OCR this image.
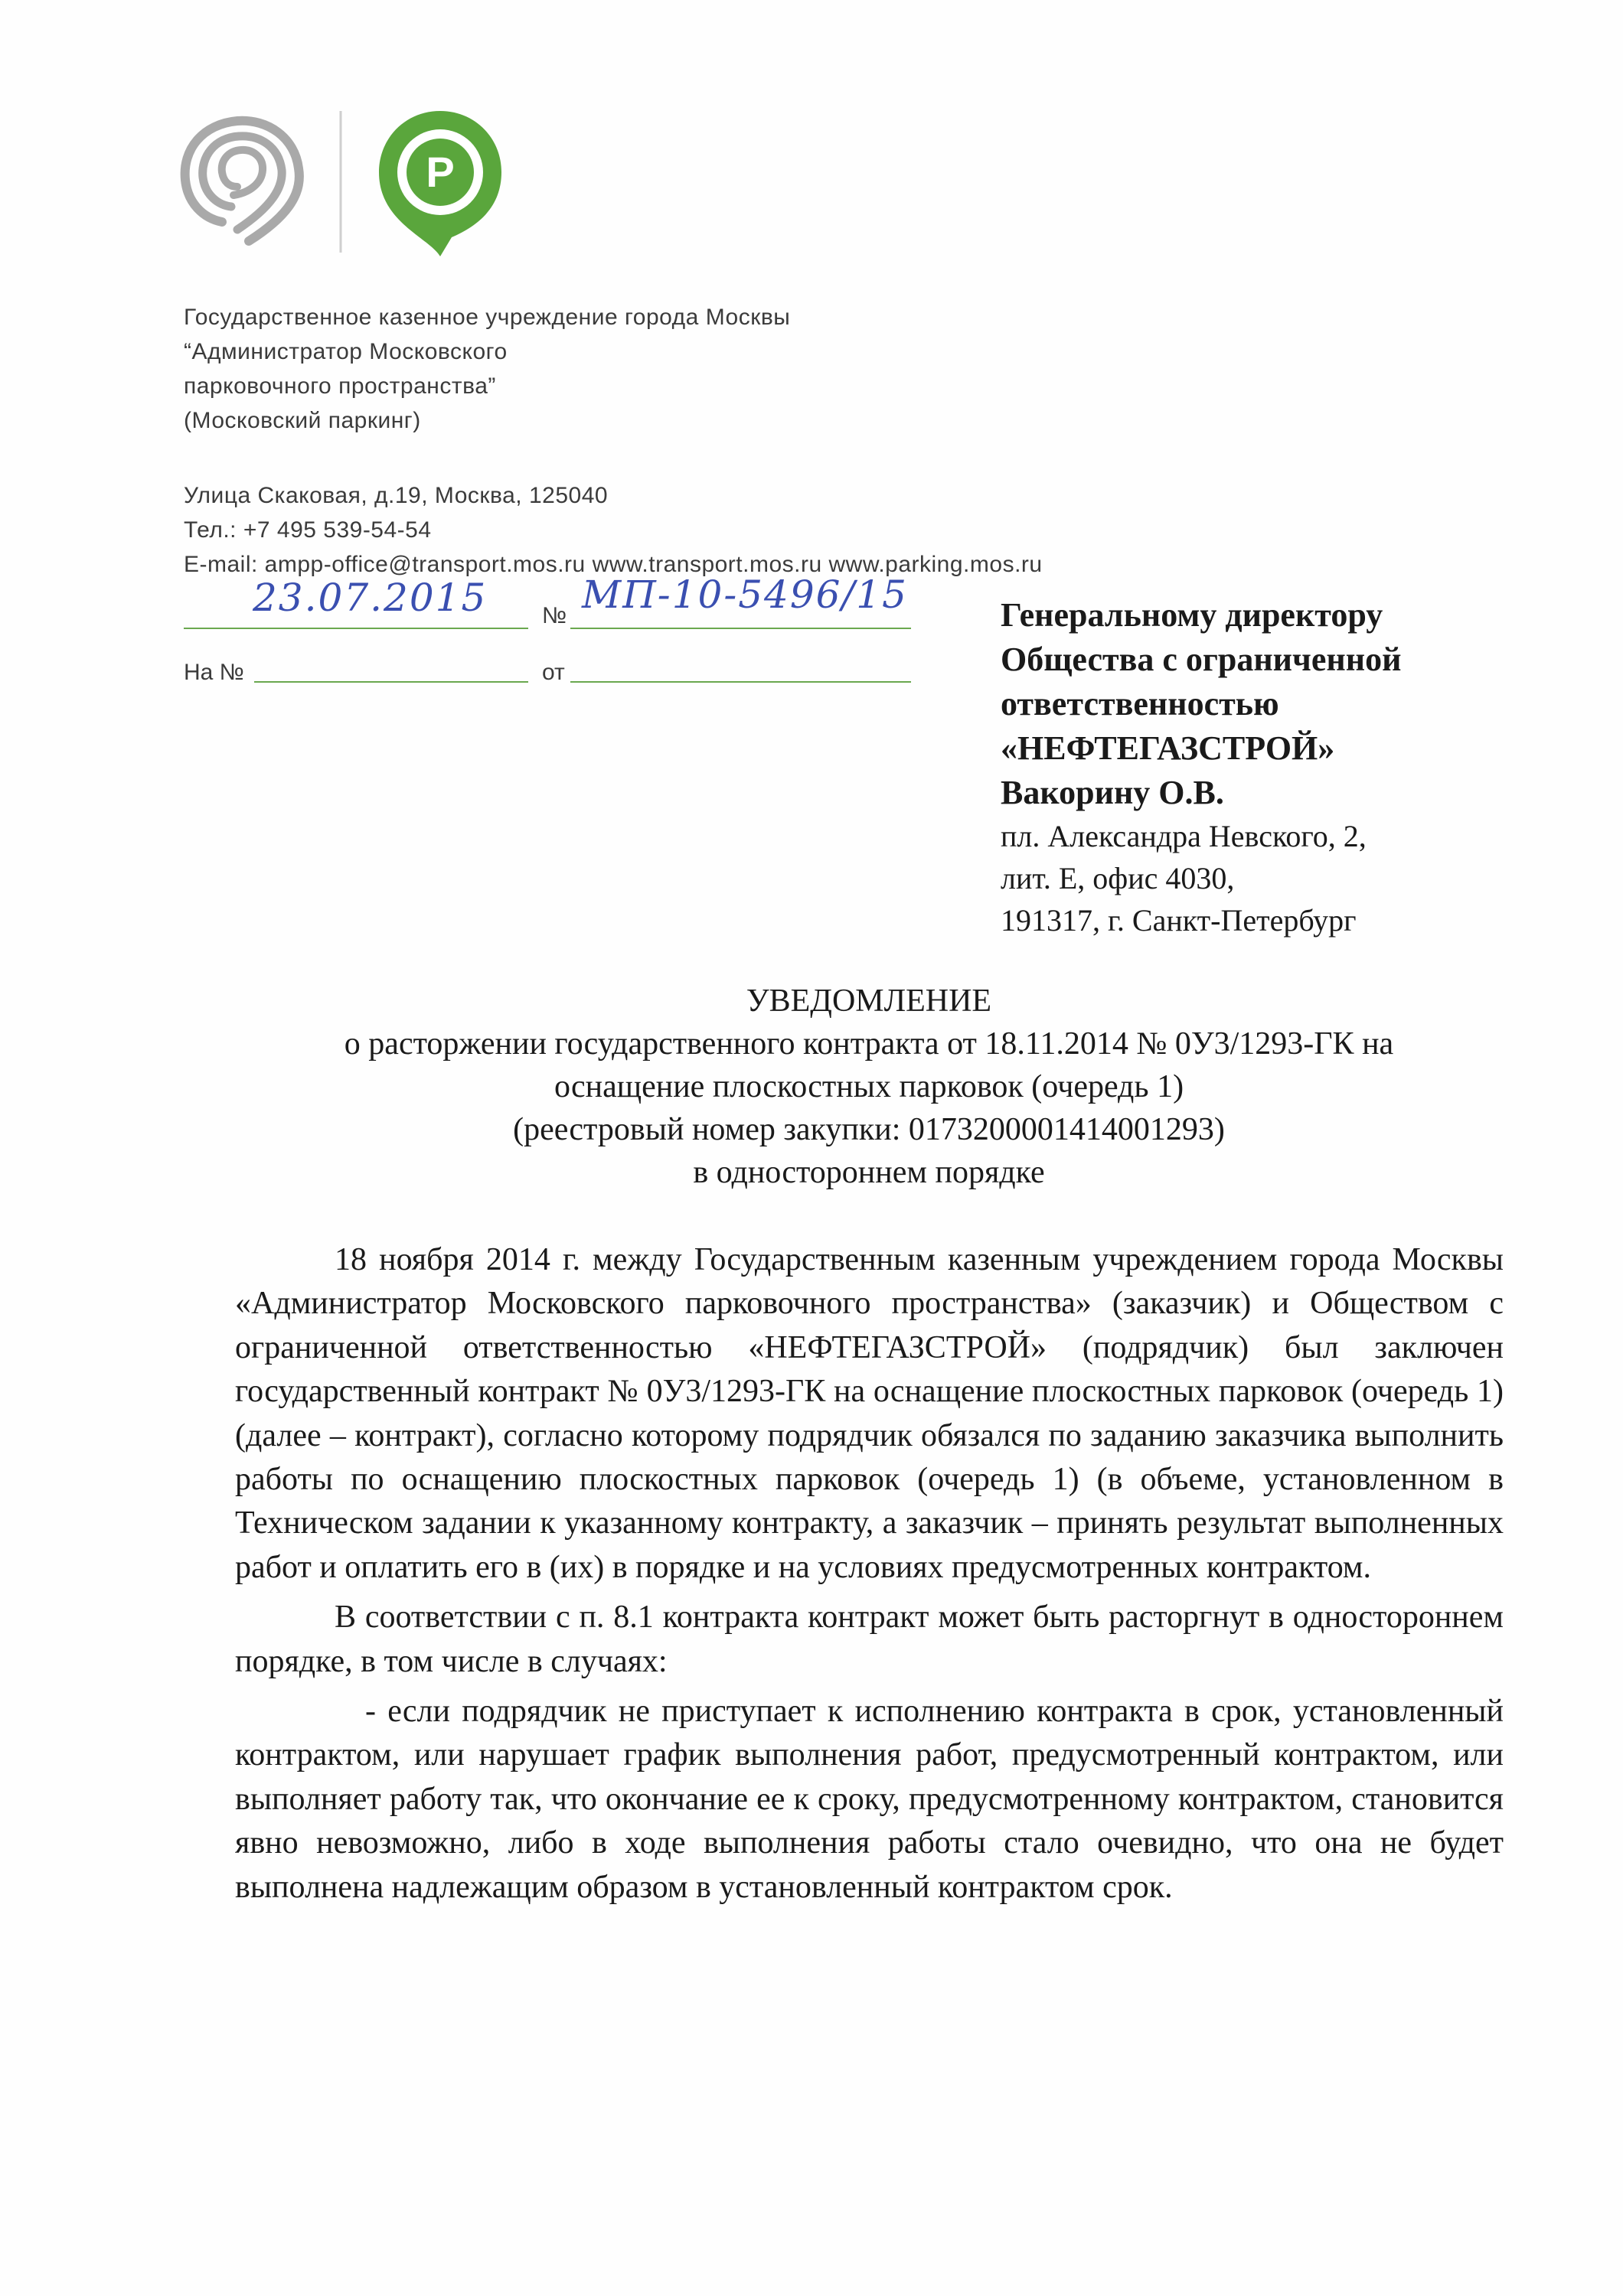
P
Государственное казенное учреждение города Москвы
“Администратор Московского
парковочного пространства”
(Московский паркинг)
Улица Скаковая, д.19, Москва, 125040
Тел.: +7 495 539-54-54
E-mail: ampp-office@transport.mos.ru www.transport.mos.ru www.parking.mos.ru
23.07.2015 № МП-10-5496/15
На №	от
Генеральному директору
Общества с ограниченной
ответственностью
«НЕФТЕГАЗСТРОЙ»
Вакорину О.В.
пл. Александра Невского, 2,
лит. Е, офис 4030,
191317, г. Санкт-Петербург
УВЕДОМЛЕНИЕ
о расторжении государственного контракта от 18.11.2014 № 0У3/1293-ГК на
оснащение плоскостных парковок (очередь 1)
(реестровый номер закупки: 0173200001414001293)
в одностороннем порядке

18 ноября 2014 г. между Государственным казенным учреждением города Москвы «Администратор Московского парковочного пространства» (заказчик) и Обществом с ограниченной ответственностью «НЕФТЕГАЗСТРОЙ» (подрядчик) был заключен государственный контракт № 0У3/1293-ГК на оснащение плоскостных парковок (очередь 1) (далее – контракт), согласно которому подрядчик обязался по заданию заказчика выполнить работы по оснащению плоскостных парковок (очередь 1) (в объеме, установленном в Техническом задании к указанному контракту, а заказчик – принять результат выполненных работ и оплатить его в (их) в порядке и на условиях предусмотренных контрактом.

В соответствии с п. 8.1 контракта контракт может быть расторгнут в одностороннем порядке, в том числе в случаях:

- если подрядчик не приступает к исполнению контракта в срок, установленный контрактом, или нарушает график выполнения работ, предусмотренный контрактом, или выполняет работу так, что окончание ее к сроку, предусмотренному контрактом, становится явно невозможно, либо в ходе выполнения работы стало очевидно, что она не будет выполнена надлежащим образом в установленный контрактом срок.
